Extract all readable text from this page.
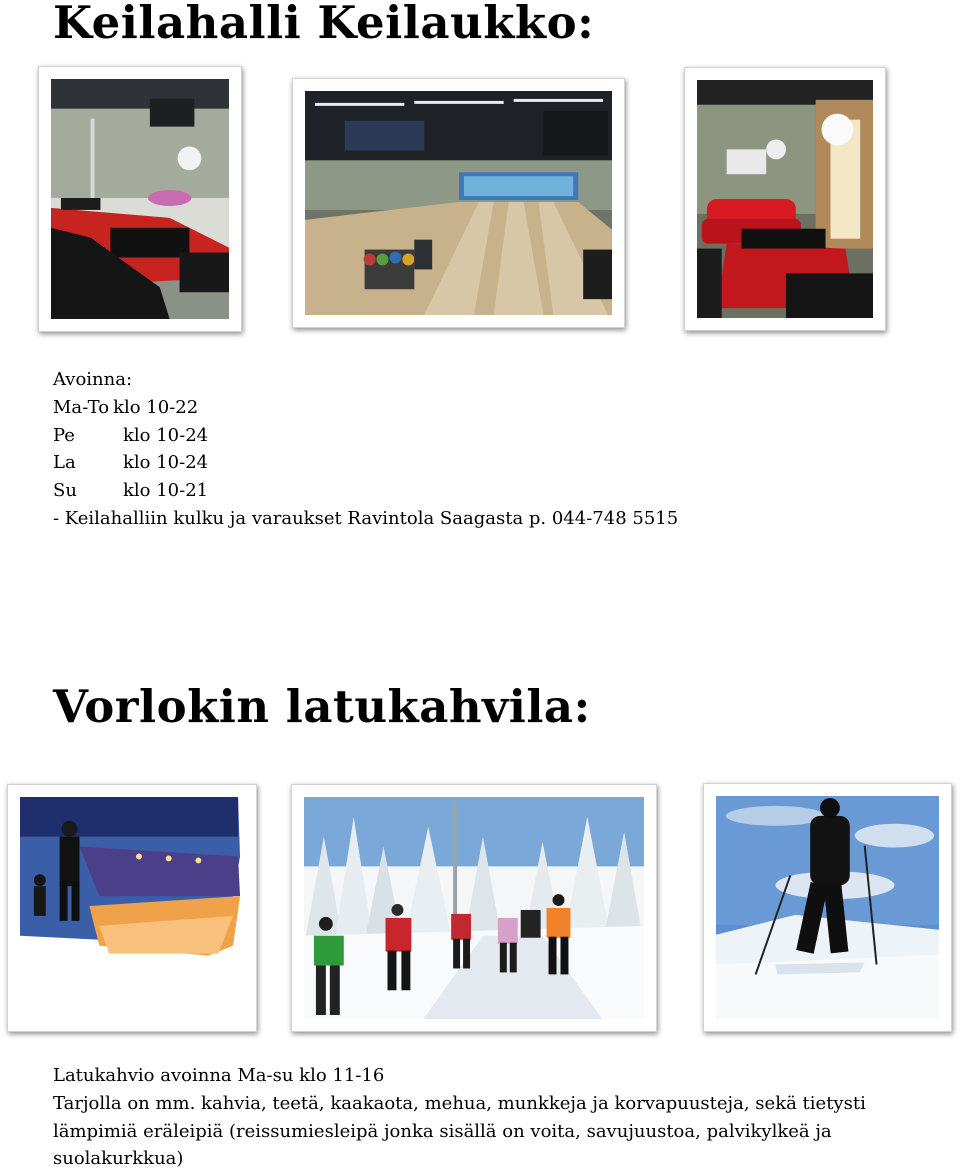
Keilahalli Keilaukko:
Avoinna:
Ma-To klo 10-22
Pe	klo 10-24
La	klo 10-24
Su	klo 10-21
- Keilahalliin kulku ja varaukset Ravintola Saagasta p. 044-748 5515
Vorlokin latukahvila:
Latukahvio avoinna Ma-su klo 11-16
Tarjolla on mm. kahvia, teetä, kaakaota, mehua, munkkeja ja korvapuusteja, sekä tietysti
lämpimiä eräleipiä (reissumiesleipä jonka sisällä on voita, savujuustoa, palvikylkeä ja
suolakurkkua)
